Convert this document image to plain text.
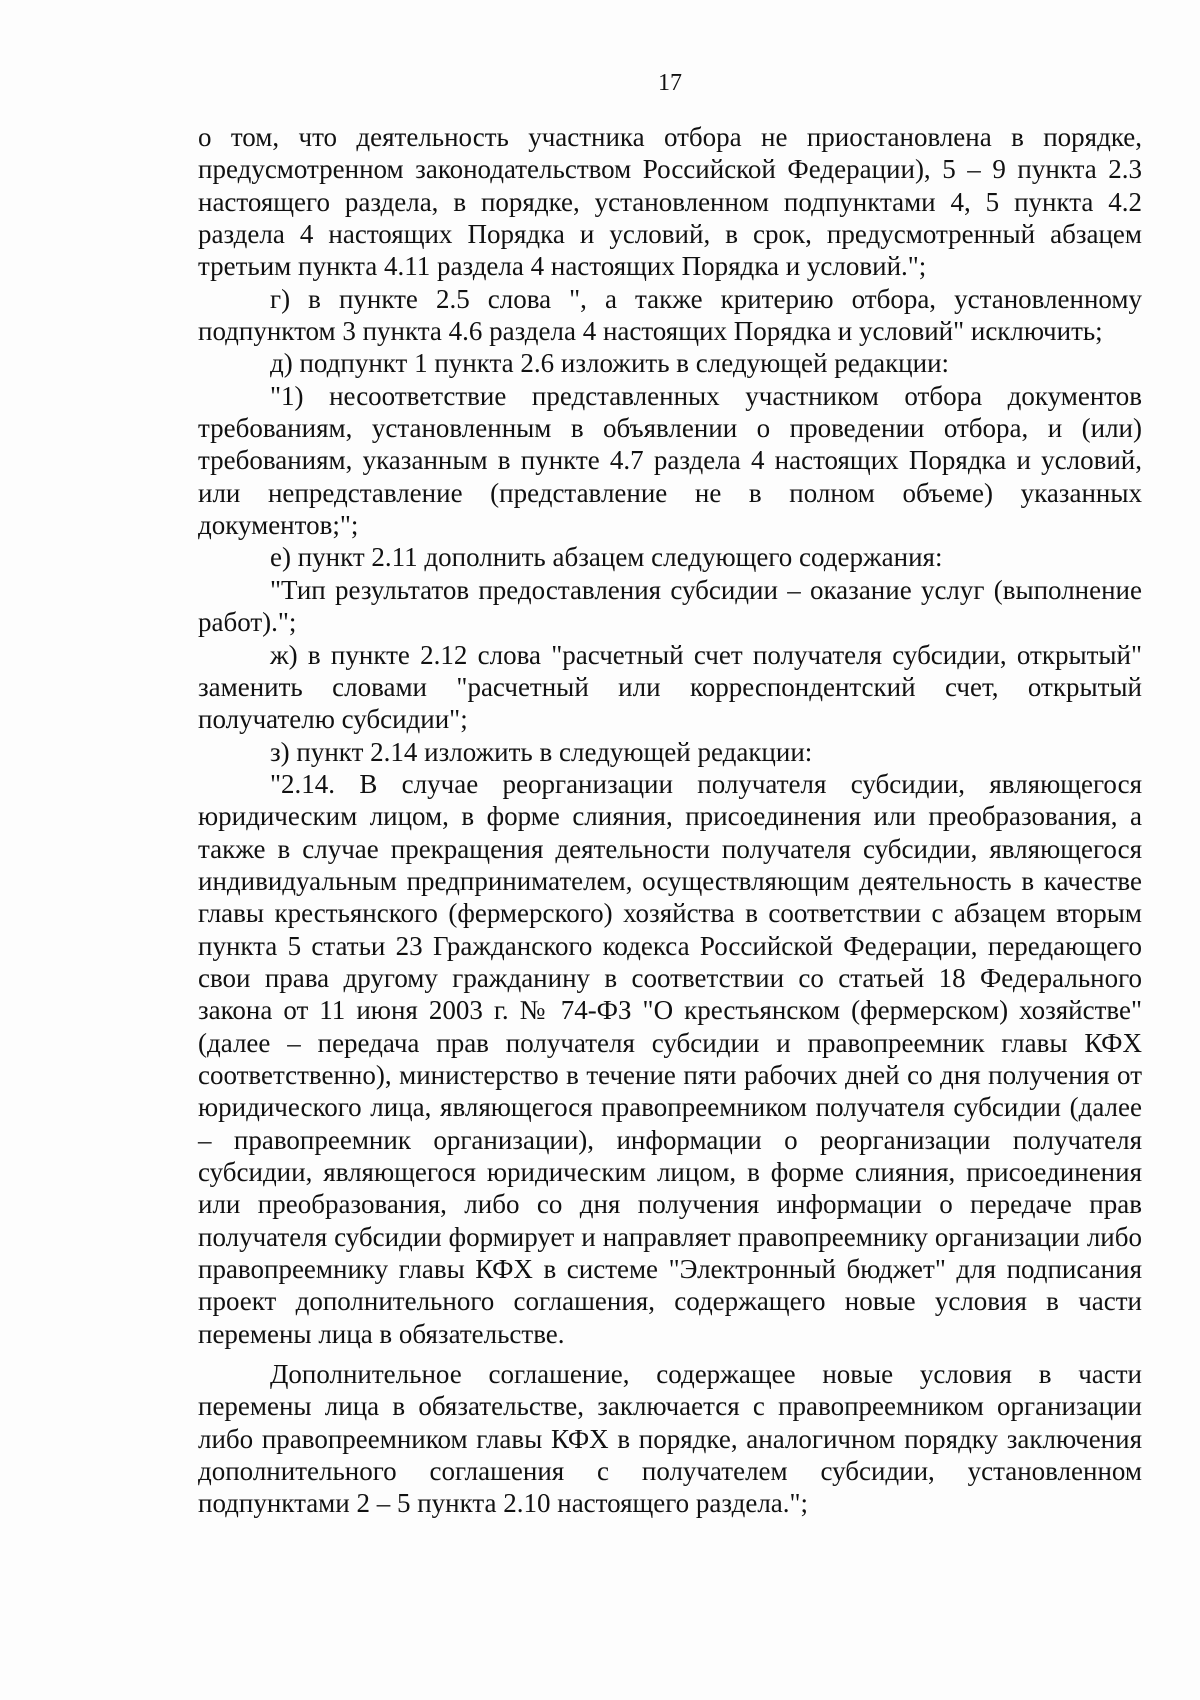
17

о том, что деятельность участника отбора не приостановлена в порядке, предусмотренном законодательством Российской Федерации), 5 – 9 пункта 2.3 настоящего раздела, в порядке, установленном подпунктами 4, 5 пункта 4.2 раздела 4 настоящих Порядка и условий, в срок, предусмотренный абзацем третьим пункта 4.11 раздела 4 настоящих Порядка и условий.";

г) в пункте 2.5 слова ", а также критерию отбора, установленному подпунктом 3 пункта 4.6 раздела 4 настоящих Порядка и условий" исключить;

д) подпункт 1 пункта 2.6 изложить в следующей редакции:

"1) несоответствие представленных участником отбора документов требованиям, установленным в объявлении о проведении отбора, и (или) требованиям, указанным в пункте 4.7 раздела 4 настоящих Порядка и условий, или непредставление (представление не в полном объеме) указанных документов;";

е) пункт 2.11 дополнить абзацем следующего содержания:

"Тип результатов предоставления субсидии – оказание услуг (выполнение работ).";

ж) в пункте 2.12 слова "расчетный счет получателя субсидии, открытый" заменить словами "расчетный или корреспондентский счет, открытый получателю субсидии";

з) пункт 2.14 изложить в следующей редакции:

"2.14. В случае реорганизации получателя субсидии, являющегося юридическим лицом, в форме слияния, присоединения или преобразования, а также в случае прекращения деятельности получателя субсидии, являющегося индивидуальным предпринимателем, осуществляющим деятельность в качестве главы крестьянского (фермерского) хозяйства в соответствии с абзацем вторым пункта 5 статьи 23 Гражданского кодекса Российской Федерации, передающего свои права другому гражданину в соответствии со статьей 18 Федерального закона от 11 июня 2003 г. № 74-ФЗ "О крестьянском (фермерском) хозяйстве" (далее – передача прав получателя субсидии и правопреемник главы КФХ соответственно), министерство в течение пяти рабочих дней со дня получения от юридического лица, являющегося правопреемником получателя субсидии (далее – правопреемник организации), информации о реорганизации получателя субсидии, являющегося юридическим лицом, в форме слияния, присоединения или преобразования, либо со дня получения информации о передаче прав получателя субсидии формирует и направляет правопреемнику организации либо правопреемнику главы КФХ в системе "Электронный бюджет" для подписания проект дополнительного соглашения, содержащего новые условия в части перемены лица в обязательстве.

Дополнительное соглашение, содержащее новые условия в части перемены лица в обязательстве, заключается с правопреемником организации либо правопреемником главы КФХ в порядке, аналогичном порядку заключения дополнительного соглашения с получателем субсидии, установленном подпунктами 2 – 5 пункта 2.10 настоящего раздела.";
